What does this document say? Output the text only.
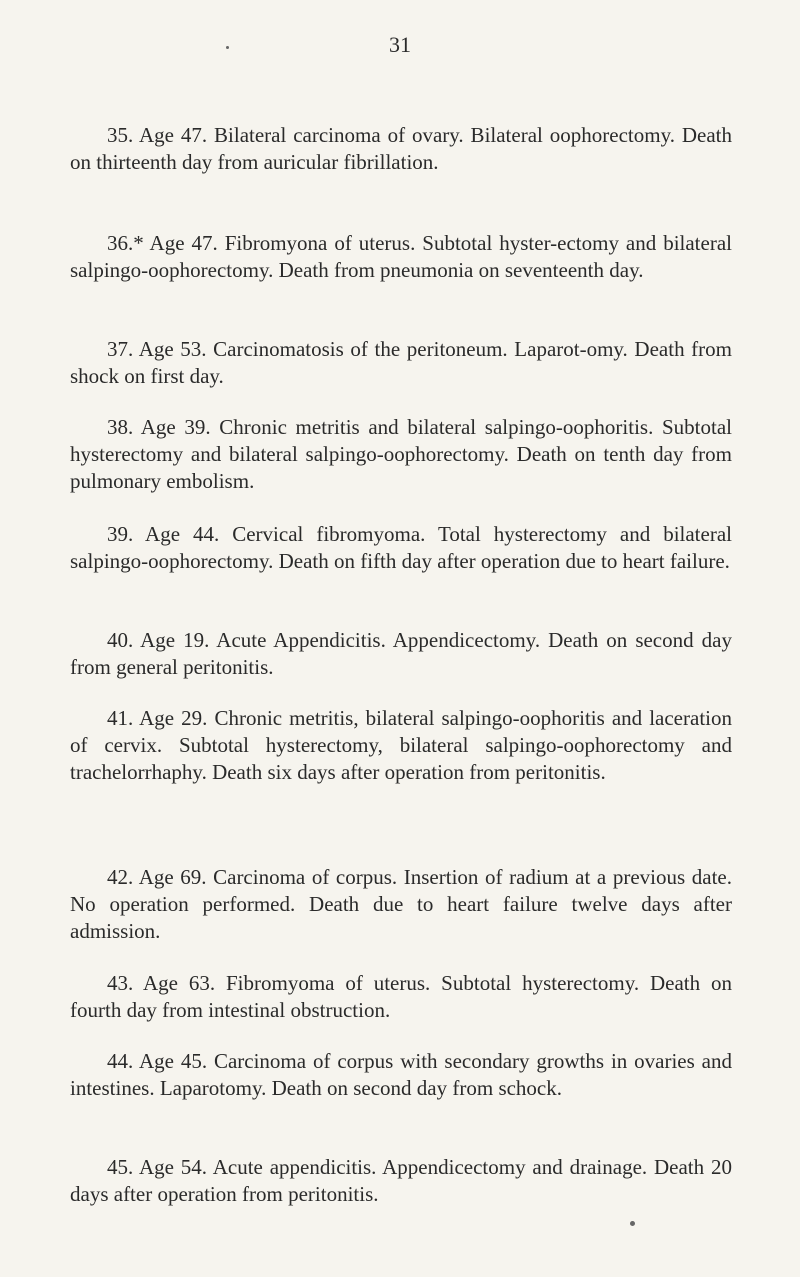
31

35. Age 47. Bilateral carcinoma of ovary. Bilateral oophorectomy. Death on thirteenth day from auricular fibrillation.

36.* Age 47. Fibromyona of uterus. Subtotal hyster-ectomy and bilateral salpingo-oophorectomy. Death from pneumonia on seventeenth day.

37. Age 53. Carcinomatosis of the peritoneum. Laparot-omy. Death from shock on first day.

38. Age 39. Chronic metritis and bilateral salpingo-oophoritis. Subtotal hysterectomy and bilateral salpingo-oophorectomy. Death on tenth day from pulmonary embolism.

39. Age 44. Cervical fibromyoma. Total hysterectomy and bilateral salpingo-oophorectomy. Death on fifth day after operation due to heart failure.

40. Age 19. Acute Appendicitis. Appendicectomy. Death on second day from general peritonitis.

41. Age 29. Chronic metritis, bilateral salpingo-oophoritis and laceration of cervix. Subtotal hysterectomy, bilateral salpingo-oophorectomy and trachelorrhaphy. Death six days after operation from peritonitis.

42. Age 69. Carcinoma of corpus. Insertion of radium at a previous date. No operation performed. Death due to heart failure twelve days after admission.

43. Age 63. Fibromyoma of uterus. Subtotal hysterectomy. Death on fourth day from intestinal obstruction.

44. Age 45. Carcinoma of corpus with secondary growths in ovaries and intestines. Laparotomy. Death on second day from schock.

45. Age 54. Acute appendicitis. Appendicectomy and drainage. Death 20 days after operation from peritonitis.
